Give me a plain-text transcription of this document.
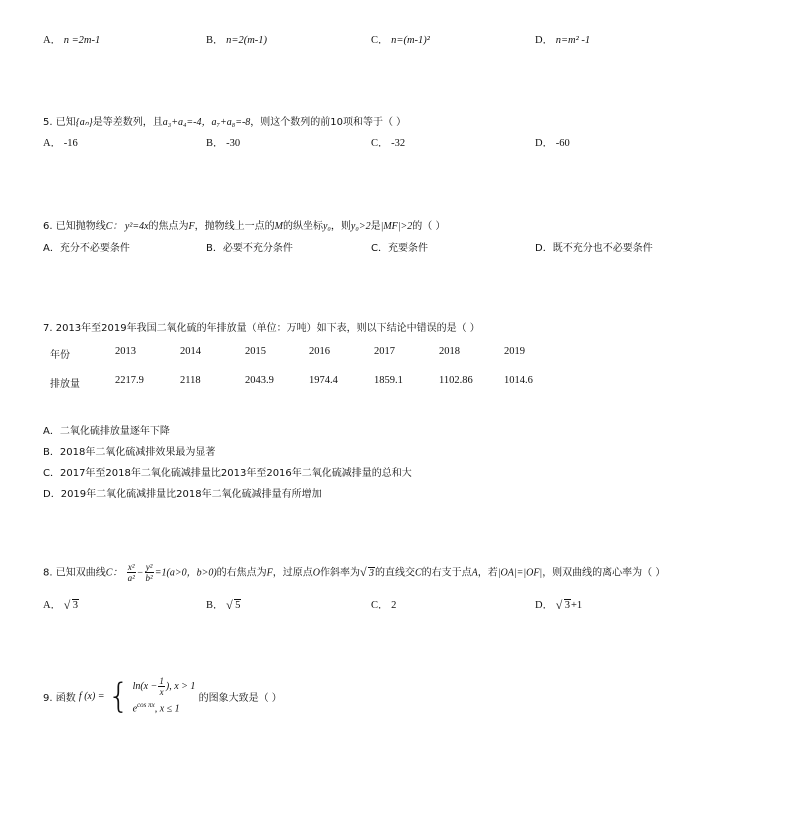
A． n =2m-1	B． n=2(m-1)	C． n=(m-1)²	D． n=m² -1
5. 已知{aₙ}是等差数列，且a₃+a₄=-4，a₇+a₈=-8，则这个数列的前10项和等于（ ）
A． -16	B． -30	C． -32	D． -60
6. 已知抛物线C： y²=4x的焦点为F，抛物线上一点的M的纵坐标y₀，则y₀>2是|MF|>2的（ ）
A．充分不必要条件	B．必要不充分条件	C．充要条件	D．既不充分也不必要条件
7. 2013年至2019年我国二氧化硫的年排放量（单位：万吨）如下表，则以下结论中错误的是（ ）
年份	2013	2014	2015	2016	2017	2018	2019
排放量	2217.9	2118	2043.9	1974.4	1859.1	1102.86	1014.6
A．二氧化硫排放量逐年下降
B．2018年二氧化硫减排效果最为显著
C．2017年至2018年二氧化硫减排量比2013年至2016年二氧化硫减排量的总和大
D．2019年二氧化硫减排量比2018年二氧化硫减排量有所增加
8. 已知双曲线C： $\frac{\text{x²}}{\text{a²}} - \frac{\text{y²}}{\text{b²}} =1(a>0$，b>0)的右焦点为F，过原点O作斜率为 √ 3的直线交C的右支于点A，若|OA|=|OF|，则双曲线的离心率为（ ）
A． √ 3	B． √ 5	C． 2	D． √ 3+1
9. 函数 f (x) = { $\ln(x - \frac{1}{x}$ ), x > 1
$e^{cos \pi x}$, x ≤ 1
的图象大致是（ ）
